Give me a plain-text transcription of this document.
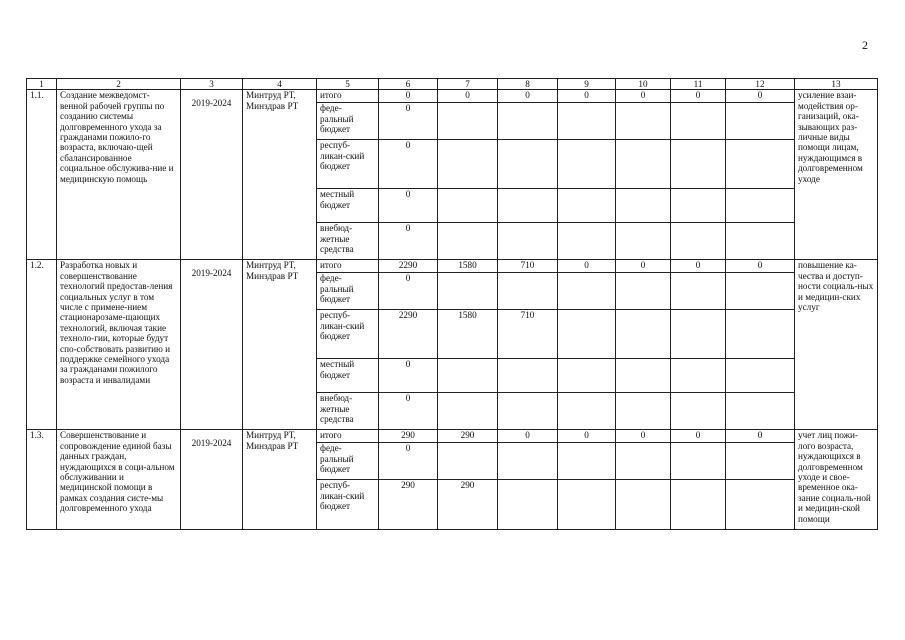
2
1	2	3	4	5	6	7	8	9	10	11	12	13
1.1.	Создание межведомст-венной рабочей группы по созданию системы долговременного ухода за гражданами пожило-го возраста, включаю-щей сбалансированное социальное обслужива-ние и медицинскую помощь	2019-2024	Минтруд РТ, Минздрав РТ	итого	0	0	0	0	0	0	0	усиление взаи-модействия ор-ганизаций, ока-зывающих раз-личные виды помощи лицам, нуждающимся в долговременном уходе
				феде-ральный бюджет	0							
				респуб-ликан-ский бюджет	0							
				местный бюджет	0							
				внебюд-жетные средства	0							
1.2.	Разработка новых и совершенствование технологий предостав-ления социальных услуг в том числе с примене-нием стационарозаме-щающих технологий, включая такие техноло-гии, которые будут спо-собствовать развитию и поддержке семейного ухода за гражданами пожилого возраста и инвалидами	2019-2024	Минтруд РТ, Минздрав РТ	итого	2290	1580	710	0	0	0	0	повышение ка-чества и доступ-ности социаль-ных и медицин-ских услуг
				феде-ральный бюджет	0							
				респуб-ликан-ский бюджет	2290	1580	710					
				местный бюджет	0							
				внебюд-жетные средства	0							
1.3.	Совершенствование и сопровождение единой базы данных граждан, нуждающихся в соци-альном обслуживании и медицинской помощи в рамках создания систе-мы долговременного ухода	2019-2024	Минтруд РТ, Минздрав РТ	итого	290	290	0	0	0	0	0	учет лиц пожи-лого возраста, нуждающихся в долговременном уходе и свое-временное ока-зание социаль-ной и медицин-ской помощи
				феде-ральный бюджет	0							
				респуб-ликан-ский бюджет	290	290						
